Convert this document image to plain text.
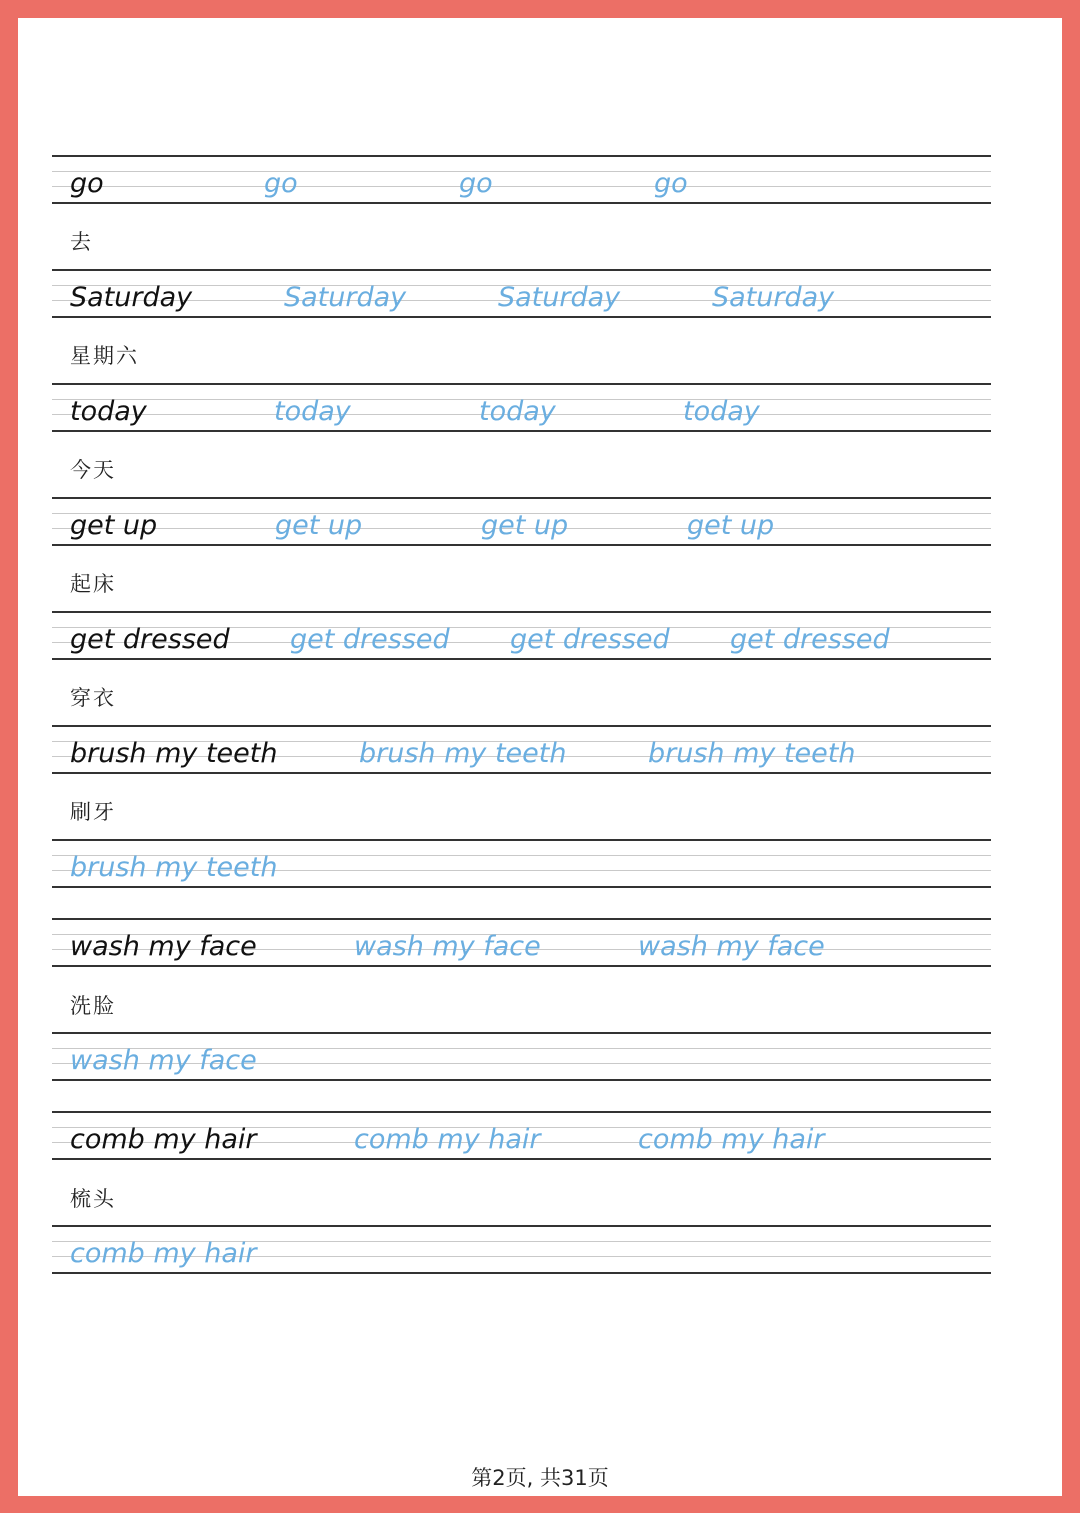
go	go	go	go
去
Saturday	Saturday	Saturday	Saturday
星期六
today	today	today	today
今天
get up	get up	get up	get up
起床
get dressed get dressed get dressed get dressed
穿衣
brush my teeth	brush my teeth	brush my teeth
刷牙
brush my teeth
wash my face	wash my face	wash my face
洗脸
wash my face
comb my hair	comb my hair	comb my hair
梳头
comb my hair
第2页, 共31页
